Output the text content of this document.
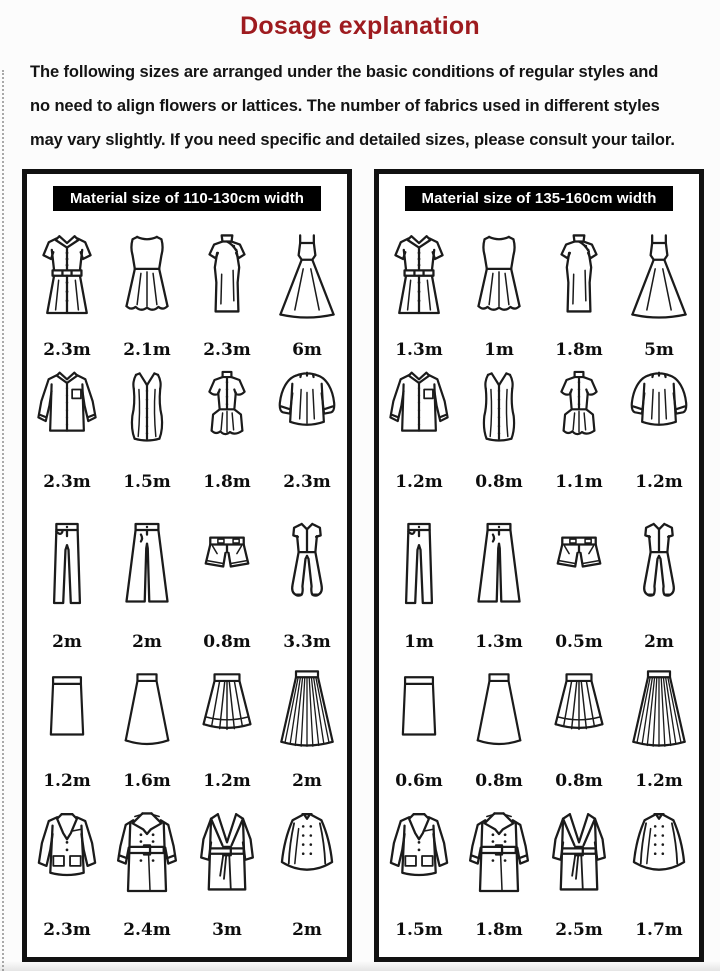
Dosage explanation
The following sizes are arranged under the basic conditions of regular styles and
no need to align flowers or lattices. The number of fabrics used in different styles
may vary slightly. If you need specific and detailed sizes, please consult your tailor.
Material size of 110-130cm width
2.3m 2.1m 2.3m 6m
2.3m 1.5m 1.8m 2.3m
2m	2m 0.8m 3.3m
1.2m 1.6m 1.2m 2m
2.3m 2.4m 3m	2m
Material size of 135-160cm width
1.3m 1m 1.8m 5m
1.2m 0.8m 1.1m 1.2m
1m 1.3m 0.5m 2m
0.6m 0.8m 0.8m 1.2m
1.5m 1.8m 2.5m 1.7m
